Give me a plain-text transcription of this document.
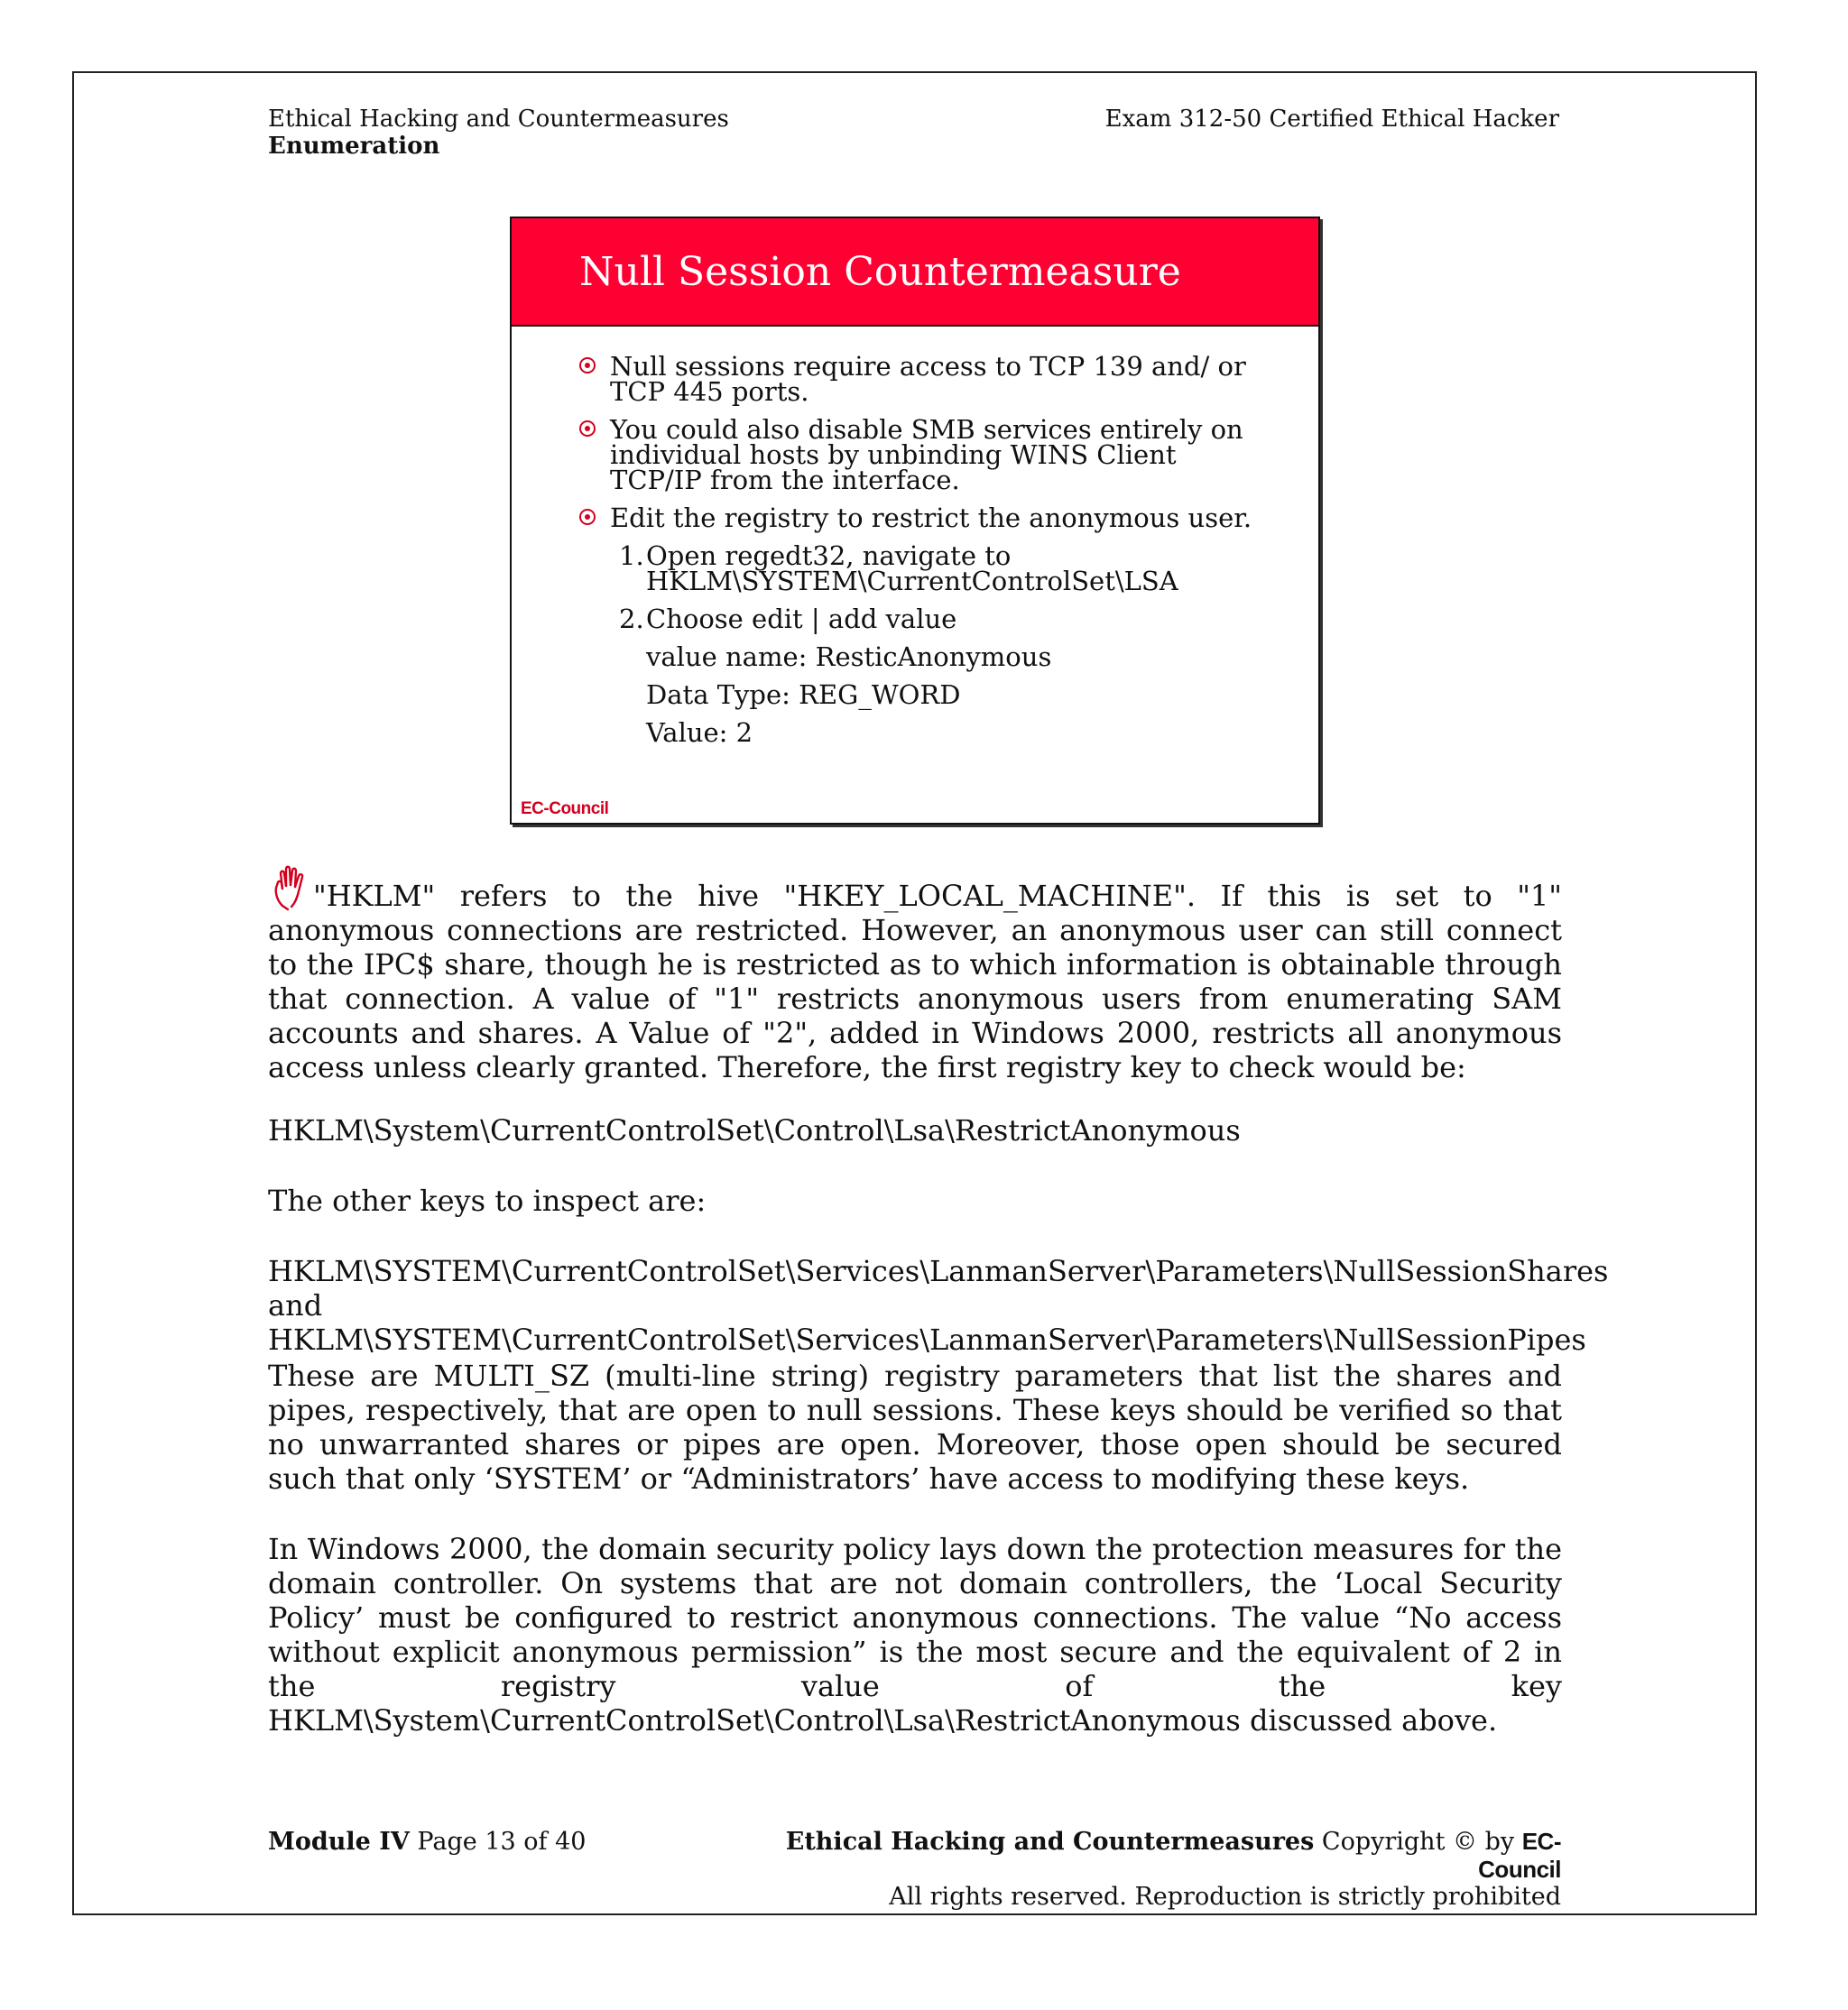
Ethical Hacking and Countermeasures
Enumeration
Exam 312-50 Certified Ethical Hacker
Null Session Countermeasure
Null sessions require access to TCP 139 and/ or TCP 445 ports.
You could also disable SMB services entirely on individual hosts by unbinding WINS Client TCP/IP from the interface.
Edit the registry to restrict the anonymous user.
1. Open regedt32, navigate to
HKLM\SYSTEM\CurrentControlSet\LSA
2. Choose edit | add value
value name: ResticAnonymous
Data Type: REG_WORD
Value: 2
EC-Council

"HKLM" refers to the hive "HKEY_LOCAL_MACHINE". If this is set to "1" anonymous connections are restricted. However, an anonymous user can still connect to the IPC$ share, though he is restricted as to which information is obtainable through that connection. A value of "1" restricts anonymous users from enumerating SAM accounts and shares. A Value of "2", added in Windows 2000, restricts all anonymous access unless clearly granted. Therefore, the first registry key to check would be:

HKLM\System\CurrentControlSet\Control\Lsa\RestrictAnonymous
The other keys to inspect are:
HKLM\SYSTEM\CurrentControlSet\Services\LanmanServer\Parameters\NullSessionShares
and HKLM\SYSTEM\CurrentControlSet\Services\LanmanServer\Parameters\NullSessionPipes

These are MULTI_SZ (multi-line string) registry parameters that list the shares and pipes, respectively, that are open to null sessions. These keys should be verified so that no unwarranted shares or pipes are open. Moreover, those open should be secured such that only ‘SYSTEM’ or “Administrators’ have access to modifying these keys.

In Windows 2000, the domain security policy lays down the protection measures for the domain controller. On systems that are not domain controllers, the ‘Local Security Policy’ must be configured to restrict anonymous connections. The value “No access without explicit anonymous permission” is the most secure and the equivalent of 2 in the registry value of the key HKLM\System\CurrentControlSet\Control\Lsa\RestrictAnonymous discussed above.

Module IV Page 13 of 40	Ethical Hacking and Countermeasures Copyright © by EC-Council
All rights reserved. Reproduction is strictly prohibited
